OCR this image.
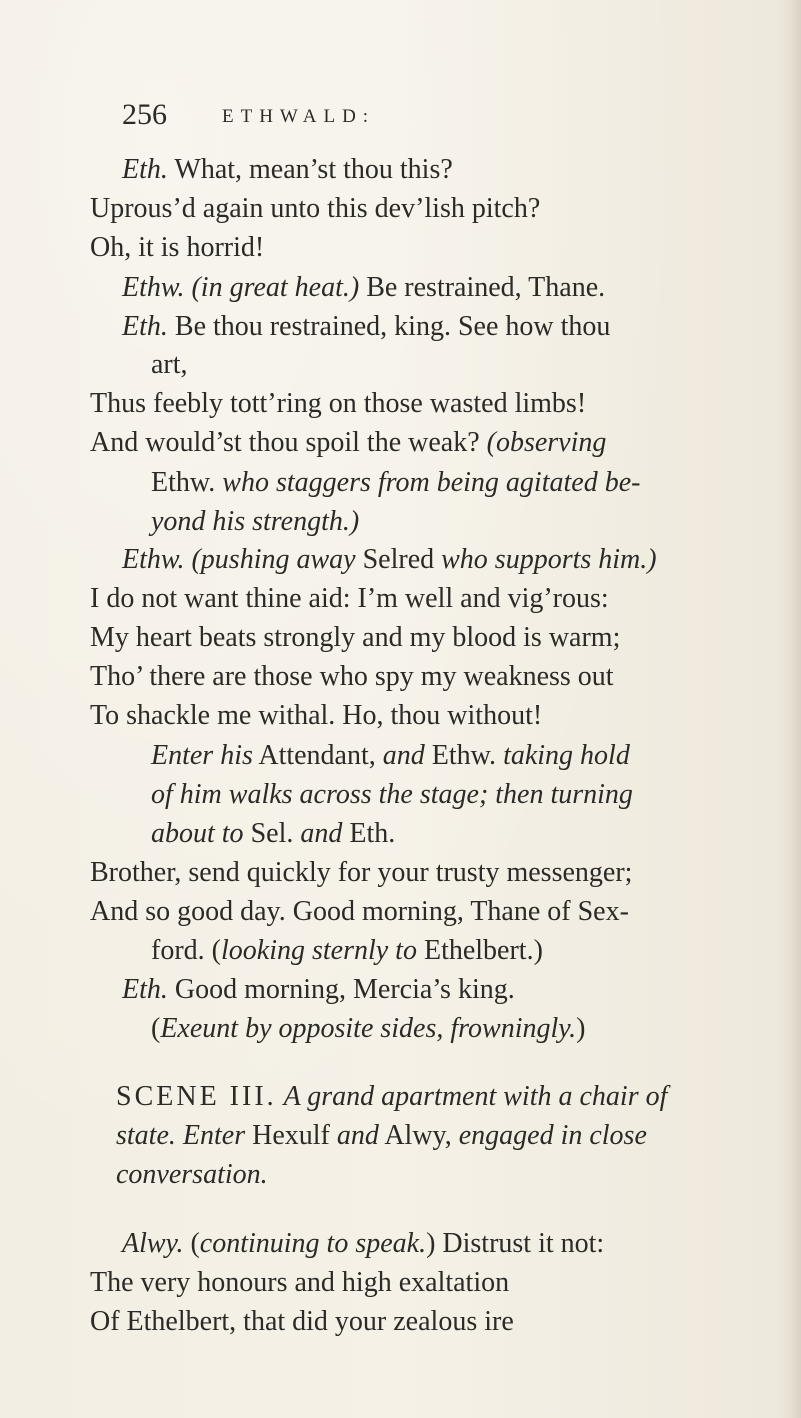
256	ETHWALD:
Eth. What, mean’st thou this?
Uprous’d again unto this dev’lish pitch?
Oh, it is horrid!
Ethw. (in great heat.) Be restrained, Thane.
Eth. Be thou restrained, king. See how thou
art,
Thus feebly tott’ring on those wasted limbs!
And would’st thou spoil the weak? (observing
Ethw. who staggers from being agitated be-
yond his strength.)
Ethw. (pushing away Selred who supports him.)
I do not want thine aid: I’m well and vig’rous:
My heart beats strongly and my blood is warm;
Tho’ there are those who spy my weakness out
To shackle me withal. Ho, thou without!
Enter his Attendant, and Ethw. taking hold
of him walks across the stage; then turning
about to Sel. and Eth.
Brother, send quickly for your trusty messenger;
And so good day. Good morning, Thane of Sex-
ford. (looking sternly to Ethelbert.)
Eth. Good morning, Mercia’s king.
(Exeunt by opposite sides, frowningly.)
SCENE III. A grand apartment with a chair of
state. Enter Hexulf and Alwy, engaged in close
conversation.
Alwy. (continuing to speak.) Distrust it not:
The very honours and high exaltation
Of Ethelbert, that did your zealous ire
